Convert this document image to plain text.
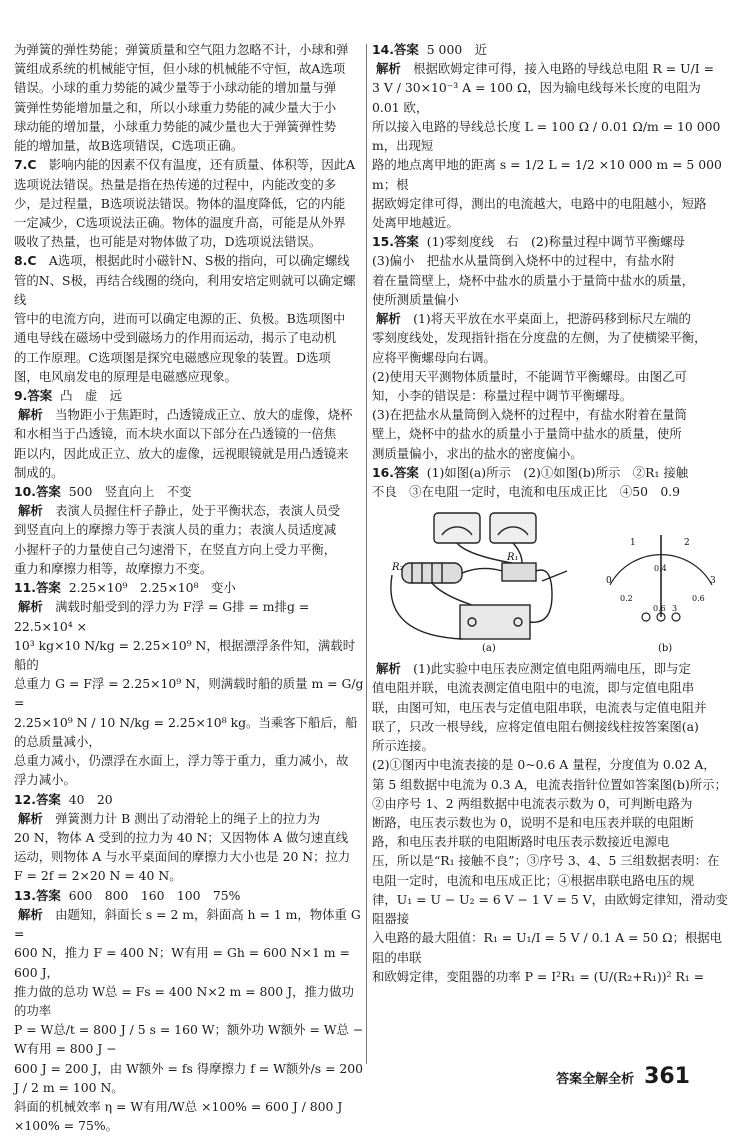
为弹簧的弹性势能；弹簧质量和空气阻力忽略不计，小球和弹

簧组成系统的机械能守恒，但小球的机械能不守恒，故A选项

错误。小球的重力势能的减少量等于小球动能的增加量与弹

簧弹性势能增加量之和，所以小球重力势能的减少量大于小

球动能的增加量，小球重力势能的减少量也大于弹簧弹性势

能的增加量，故B选项错误，C选项正确。

7.C　 影响内能的因素不仅有温度，还有质量、体积等，因此A

选项说法错误。热量是指在热传递的过程中，内能改变的多

少，是过程量，B选项说法错误。物体的温度降低，它的内能

一定减少，C选项说法正确。物体的温度升高，可能是从外界

吸收了热量，也可能是对物体做了功，D选项说法错误。

8.C　 A选项，根据此时小磁针N、S极的指向，可以确定螺线

管的N、S极，再结合线圈的绕向，利用安培定则就可以确定螺线

管中的电流方向，进而可以确定电源的正、负极。B选项图中

通电导线在磁场中受到磁场力的作用而运动，揭示了电动机

的工作原理。C选项图是探究电磁感应现象的装置。D选项

图，电风扇发电的原理是电磁感应现象。

9.答案 凸　虚　远

解析　 当物距小于焦距时，凸透镜成正立、放大的虚像，烧杯

和水相当于凸透镜，而木块水面以下部分在凸透镜的一倍焦

距以内，因此成正立、放大的虚像，远视眼镜就是用凸透镜来

制成的。

10.答案 500　竖直向上　不变

解析　 表演人员握住杆子静止，处于平衡状态，表演人员受

到竖直向上的摩擦力等于表演人员的重力；表演人员适度减

小握杆子的力量使自己匀速滑下，在竖直方向上受力平衡，

重力和摩擦力相等，故摩擦力不变。

11.答案 2.25×10⁹　2.25×10⁸　变小

解析　 满载时船受到的浮力为 F浮 = G排 = m排g = 22.5×10⁴ ×

10³ kg×10 N/kg = 2.25×10⁹ N，根据漂浮条件知，满载时船的

总重力 G = F浮 = 2.25×10⁹ N，则满载时船的质量 m = G/g =

2.25×10⁹ N / 10 N/kg = 2.25×10⁸ kg。当乘客下船后，船的总质量减小，

总重力减小，仍漂浮在水面上，浮力等于重力，重力减小，故

浮力减小。

12.答案 40　20

解析　 弹簧测力计 B 测出了动滑轮上的绳子上的拉力为

20 N，物体 A 受到的拉力为 40 N；又因物体 A 做匀速直线

运动，则物体 A 与水平桌面间的摩擦力大小也是 20 N；拉力

F = 2f = 2×20 N = 40 N。

13.答案 600　800　160　100　75%

解析　 由题知，斜面长 s = 2 m，斜面高 h = 1 m，物体重 G =

600 N，推力 F = 400 N；W有用 = Gh = 600 N×1 m = 600 J，

推力做的总功 W总 = Fs = 400 N×2 m = 800 J，推力做功的功率

P = W总/t = 800 J / 5 s = 160 W；额外功 W额外 = W总 − W有用 = 800 J −

600 J = 200 J，由 W额外 = fs 得摩擦力 f = W额外/s = 200 J / 2 m = 100 N。

斜面的机械效率 η = W有用/W总 ×100% = 600 J / 800 J ×100% = 75%。

14.答案 5 000　近

解析　 根据欧姆定律可得，接入电路的导线总电阻 R = U/I =

3 V / 30×10⁻³ A = 100 Ω，因为输电线每米长度的电阻为 0.01 欧，

所以接入电路的导线总长度 L = 100 Ω / 0.01 Ω/m = 10 000 m，出现短

路的地点离甲地的距离 s = 1/2 L = 1/2 ×10 000 m = 5 000 m；根

据欧姆定律可得，测出的电流越大，电路中的电阻越小，短路

处离甲地越近。

15.答案 (1)零刻度线　右　(2)称量过程中调节平衡螺母

(3)偏小　把盐水从量筒倒入烧杯中的过程中，有盐水附

着在量筒壁上，烧杯中盐水的质量小于量筒中盐水的质量，

使所测质量偏小

解析　 (1)将天平放在水平桌面上，把游码移到标尺左端的

零刻度线处，发现指针指在分度盘的左侧，为了使横梁平衡，

应将平衡螺母向右调。

(2)使用天平测物体质量时，不能调节平衡螺母。由图乙可

知，小李的错误是：称量过程中调节平衡螺母。

(3)在把盐水从量筒倒入烧杯的过程中，有盐水附着在量筒

壁上，烧杯中的盐水的质量小于量筒中盐水的质量，使所

测质量偏小，求出的盐水的密度偏小。

16.答案 (1)如图(a)所示　(2)①如图(b)所示　②R₁ 接触

不良　③在电阻一定时，电流和电压成正比　④50　0.9

R₂
R₁
(a)
0
1	2
3
0.2
0.4
0.6
0.6 3
(b)

解析　 (1)此实验中电压表应测定值电阻两端电压，即与定

值电阻并联，电流表测定值电阻中的电流，即与定值电阻串

联，由图可知，电压表与定值电阻串联，电流表与定值电阻并

联了，只改一根导线，应将定值电阻右侧接线柱按答案图(a)

所示连接。

(2)①图丙中电流表接的是 0~0.6 A 量程，分度值为 0.02 A，

第 5 组数据中电流为 0.3 A，电流表指针位置如答案图(b)所示；

②由序号 1、2 两组数据中电流表示数为 0，可判断电路为

断路，电压表示数也为 0，说明不是和电压表并联的电阻断

路，和电压表并联的电阻断路时电压表示数接近电源电

压，所以是“R₁ 接触不良”；③序号 3、4、5 三组数据表明：在

电阻一定时，电流和电压成正比；④根据串联电路电压的规

律，U₁ = U − U₂ = 6 V − 1 V = 5 V，由欧姆定律知，滑动变阻器接

入电路的最大阻值：R₁ = U₁/I = 5 V / 0.1 A = 50 Ω；根据电阻的串联

和欧姆定律，变阻器的功率 P = I²R₁ = (U/(R₂+R₁))² R₁ =

答案全解全析 361
